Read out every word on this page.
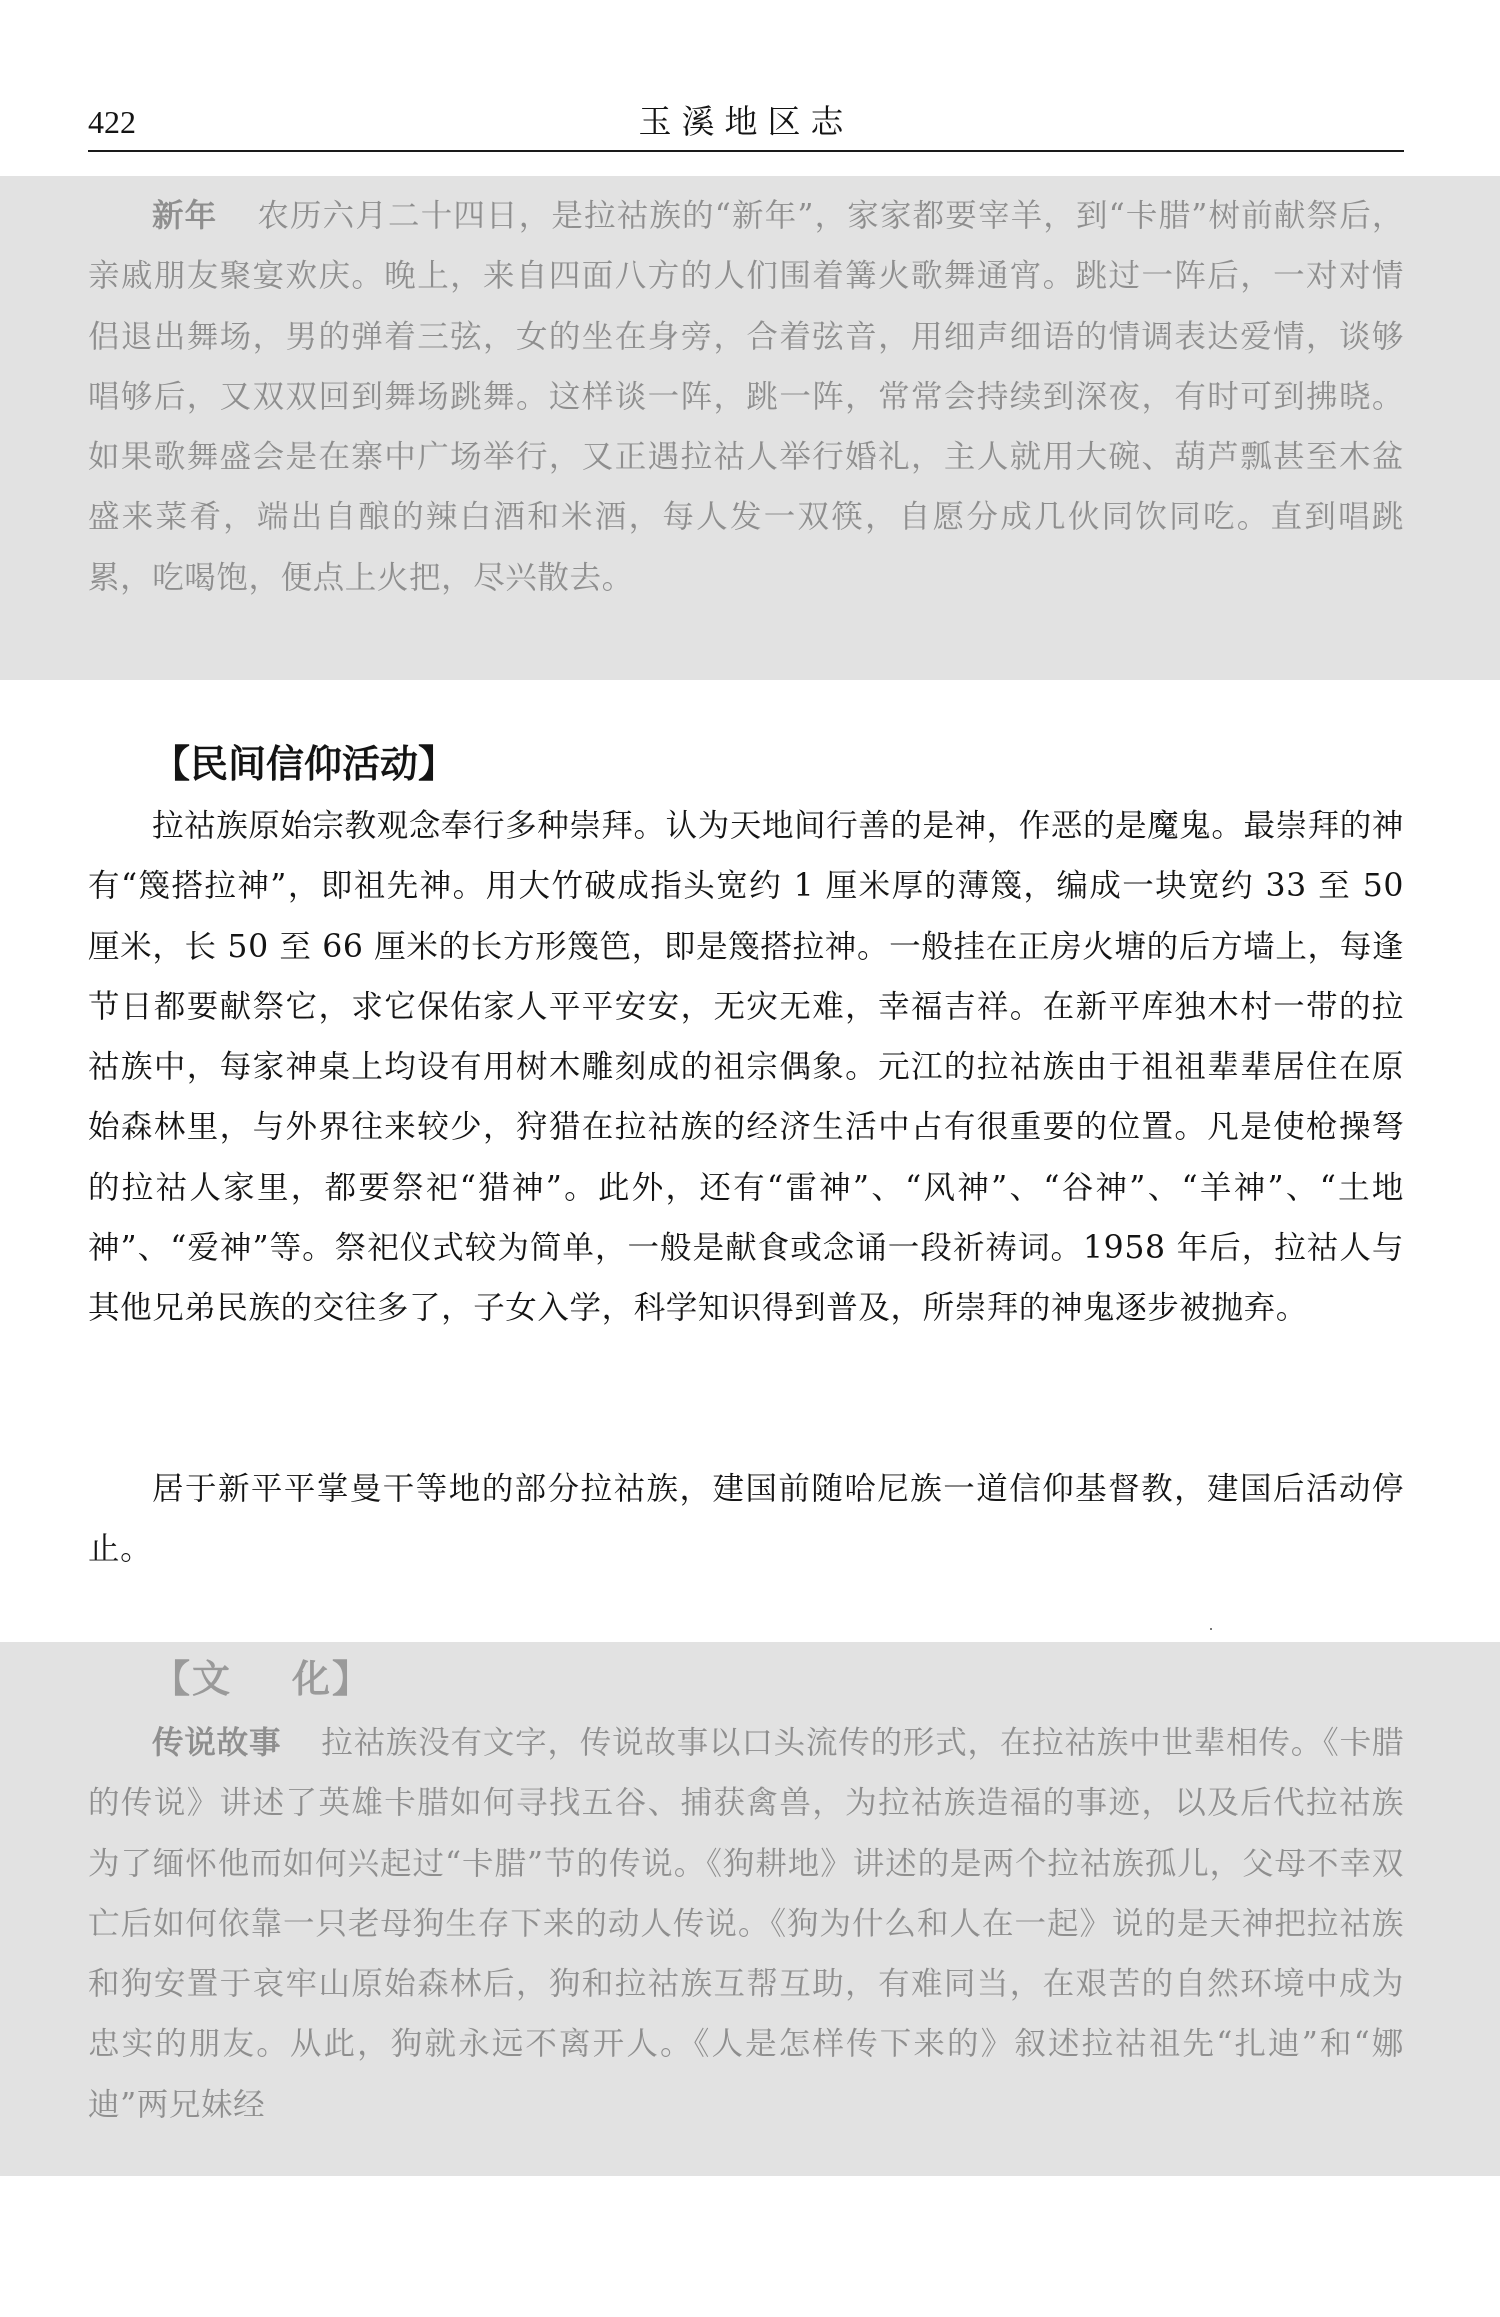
422	玉溪地区志

新年 农历六月二十四日，是拉祜族的“新年”，家家都要宰羊，到“卡腊”树前献祭后，亲戚朋友聚宴欢庆。晚上，来自四面八方的人们围着篝火歌舞通宵。跳过一阵后，一对对情侣退出舞场，男的弹着三弦，女的坐在身旁，合着弦音，用细声细语的情调表达爱情，谈够唱够后，又双双回到舞场跳舞。这样谈一阵，跳一阵，常常会持续到深夜，有时可到拂晓。如果歌舞盛会是在寨中广场举行，又正遇拉祜人举行婚礼，主人就用大碗、葫芦瓢甚至木盆盛来菜肴，端出自酿的辣白酒和米酒，每人发一双筷，自愿分成几伙同饮同吃。直到唱跳累，吃喝饱，便点上火把，尽兴散去。

【民间信仰活动】

拉祜族原始宗教观念奉行多种崇拜。认为天地间行善的是神，作恶的是魔鬼。最崇拜的神有“篾搭拉神”，即祖先神。用大竹破成指头宽约 1 厘米厚的薄篾，编成一块宽约 33 至 50 厘米，长 50 至 66 厘米的长方形篾笆，即是篾搭拉神。一般挂在正房火塘的后方墙上，每逢节日都要献祭它，求它保佑家人平平安安，无灾无难，幸福吉祥。在新平库独木村一带的拉祜族中，每家神桌上均设有用树木雕刻成的祖宗偶象。元江的拉祜族由于祖祖辈辈居住在原始森林里，与外界往来较少，狩猎在拉祜族的经济生活中占有很重要的位置。凡是使枪操弩的拉祜人家里，都要祭祀“猎神”。此外，还有“雷神”、“风神”、“谷神”、“羊神”、“土地神”、“爱神”等。祭祀仪式较为简单，一般是献食或念诵一段祈祷词。1958 年后，拉祜人与其他兄弟民族的交往多了，子女入学，科学知识得到普及，所崇拜的神鬼逐步被抛弃。

居于新平平掌曼干等地的部分拉祜族，建国前随哈尼族一道信仰基督教，建国后活动停止。

【文 化】

传说故事 拉祜族没有文字，传说故事以口头流传的形式，在拉祜族中世辈相传。《卡腊的传说》讲述了英雄卡腊如何寻找五谷、捕获禽兽，为拉祜族造福的事迹，以及后代拉祜族为了缅怀他而如何兴起过“卡腊”节的传说。《狗耕地》讲述的是两个拉祜族孤儿，父母不幸双亡后如何依靠一只老母狗生存下来的动人传说。《狗为什么和人在一起》说的是天神把拉祜族和狗安置于哀牢山原始森林后，狗和拉祜族互帮互助，有难同当，在艰苦的自然环境中成为忠实的朋友。从此，狗就永远不离开人。《人是怎样传下来的》叙述拉祜祖先“扎迪”和“娜迪”两兄妹经
